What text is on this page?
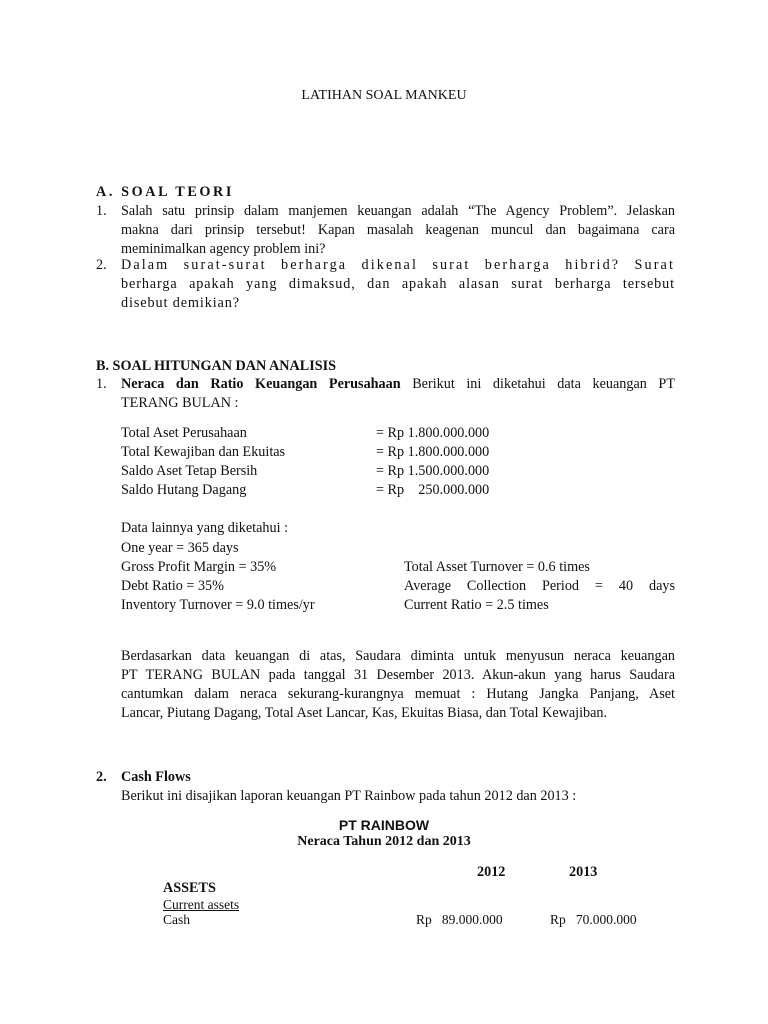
LATIHAN SOAL MANKEU
A. SOAL TEORI
1. Salah satu prinsip dalam manjemen keuangan adalah “The Agency Problem”. Jelaskan
makna dari prinsip tersebut! Kapan masalah keagenan muncul dan bagaimana cara
meminimalkan agency problem ini?
2. Dalam surat-surat berharga dikenal surat berharga hibrid? Surat
berharga apakah yang dimaksud, dan apakah alasan surat berharga tersebut
disebut demikian?
B. SOAL HITUNGAN DAN ANALISIS
1. Neraca dan Ratio Keuangan Perusahaan Berikut ini diketahui data keuangan PT
TERANG BULAN :
Total Aset Perusahaan	= Rp 1.800.000.000
Total Kewajiban dan Ekuitas	= Rp 1.800.000.000
Saldo Aset Tetap Bersih	= Rp 1.500.000.000
Saldo Hutang Dagang	= Rp    250.000.000
Data lainnya yang diketahui :
One year = 365 days
Gross Profit Margin = 35%	Total Asset Turnover = 0.6 times
Debt Ratio = 35%	Average Collection Period = 40 days
Inventory Turnover = 9.0 times/yr	Current Ratio = 2.5 times
Berdasarkan data keuangan di atas, Saudara diminta untuk menyusun neraca keuangan
PT TERANG BULAN pada tanggal 31 Desember 2013. Akun-akun yang harus Saudara
cantumkan dalam neraca sekurang-kurangnya memuat : Hutang Jangka Panjang, Aset
Lancar, Piutang Dagang, Total Aset Lancar, Kas, Ekuitas Biasa, dan Total Kewajiban.
2. Cash Flows
Berikut ini disajikan laporan keuangan PT Rainbow pada tahun 2012 dan 2013 :
PT RAINBOW
Neraca Tahun 2012 dan 2013
2012	2013
ASSETS
Current assets
Cash	Rp   89.000.000	Rp   70.000.000
